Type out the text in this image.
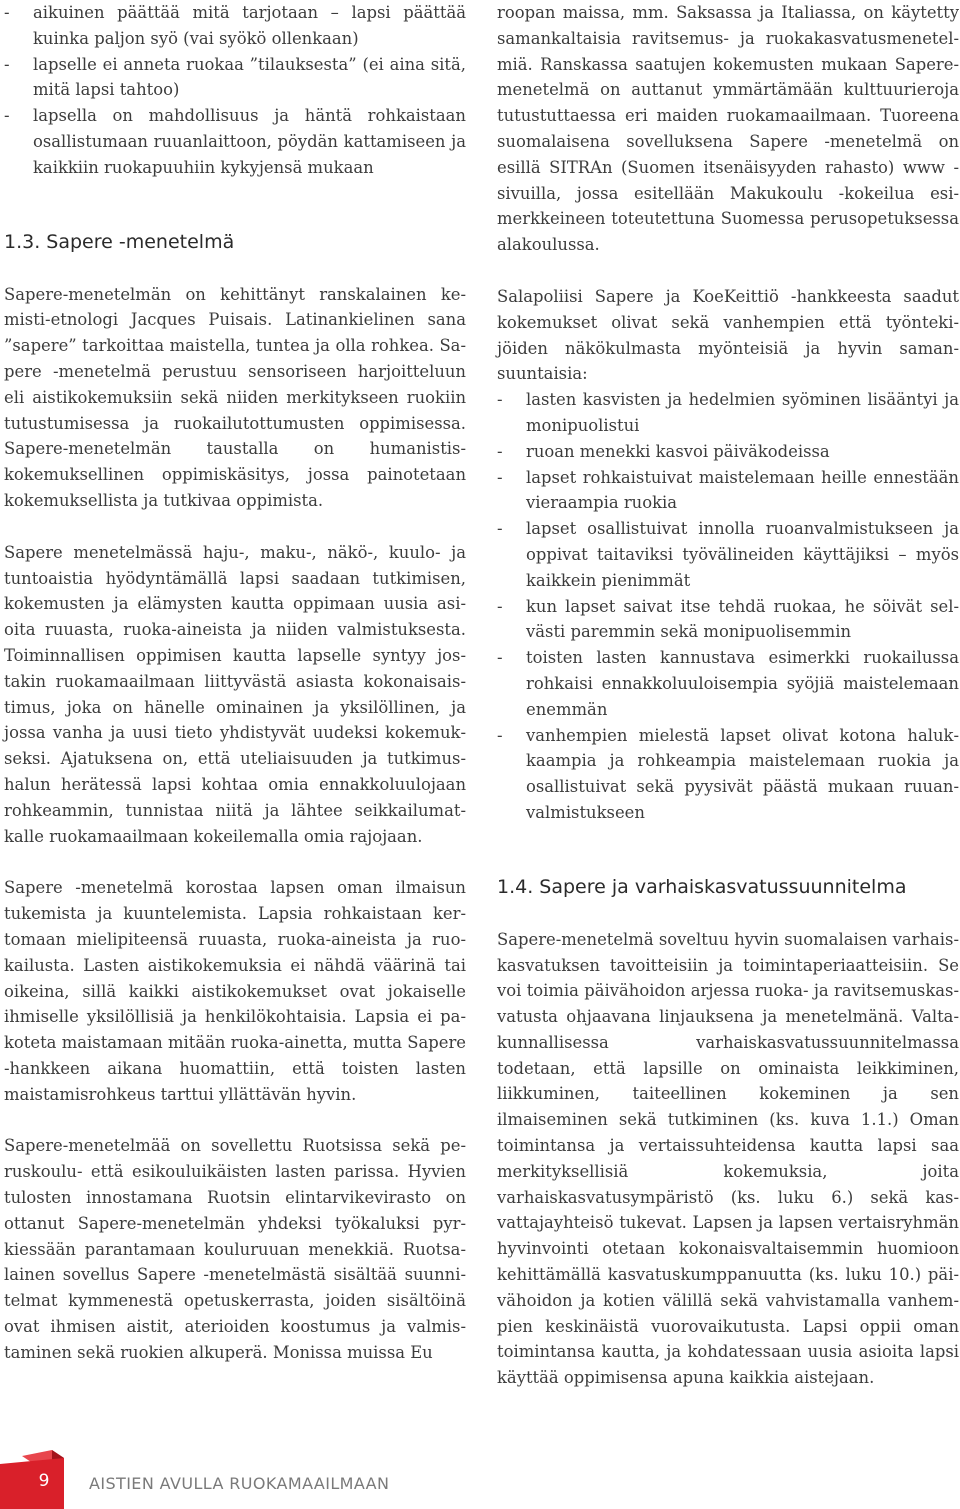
- aikuinen päättää mitä tarjotaan – lapsi päättää kuinka paljon syö (vai syökö ollenkaan)
- lapselle ei anneta ruokaa ”tilauksesta” (ei aina sitä, mitä lapsi tahtoo)
- lapsella on mahdollisuus ja häntä rohkaistaan osallistumaan ruuanlaittoon, pöydän kattamiseen ja kaikkiin ruokapuuhiin kykyjensä mukaan
1.3. Sapere -menetelmä

Sapere-menetelmän on kehittänyt ranskalainen kemisti-etnologi Jacques Puisais. Latinankielinen sana ”sapere” tarkoittaa maistella, tuntea ja olla rohkea. Sapere -menetelmä perustuu sensoriseen harjoitteluun eli aistikokemuksiin sekä niiden merkitykseen ruokiin tutustumisessa ja ruokailutottumusten oppimisessa. Sapere-menetelmän taustalla on humanistiskokemuksellinen oppimiskäsitys, jossa painotetaan kokemuksellista ja tutkivaa oppimista.

Sapere menetelmässä haju-, maku-, näkö-, kuulo- ja tuntoaistia hyödyntämällä lapsi saadaan tutkimisen, kokemusten ja elämysten kautta oppimaan uusia asioita ruuasta, ruoka-aineista ja niiden valmistuksesta. Toiminnallisen oppimisen kautta lapselle syntyy jostakin ruokamaailmaan liittyvästä asiasta kokonaisaistimus, joka on hänelle ominainen ja yksilöllinen, ja jossa vanha ja uusi tieto yhdistyvät uudeksi kokemukseksi. Ajatuksena on, että uteliaisuuden ja tutkimushalun herätessä lapsi kohtaa omia ennakkoluulojaan rohkeammin, tunnistaa niitä ja lähtee seikkailumatkalle ruokamaailmaan kokeilemalla omia rajojaan.

Sapere -menetelmä korostaa lapsen oman ilmaisun tukemista ja kuuntelemista. Lapsia rohkaistaan kertomaan mielipiteensä ruuasta, ruoka-aineista ja ruokailusta. Lasten aistikokemuksia ei nähdä väärinä tai oikeina, sillä kaikki aistikokemukset ovat jokaiselle ihmiselle yksilöllisiä ja henkilökohtaisia. Lapsia ei pakoteta maistamaan mitään ruoka-ainetta, mutta Sapere -hankkeen aikana huomattiin, että toisten lasten maistamisrohkeus tarttui yllättävän hyvin.

Sapere-menetelmää on sovellettu Ruotsissa sekä peruskoulu- että esikouluikäisten lasten parissa. Hyvien tulosten innostamana Ruotsin elintarvikevirasto on ottanut Sapere-menetelmän yhdeksi työkaluksi pyrkiessään parantamaan kouluruuan menekkiä. Ruotsalainen sovellus Sapere -menetelmästä sisältää suunnitelmat kymmenestä opetuskerrasta, joiden sisältöinä ovat ihmisen aistit, aterioiden koostumus ja valmistaminen sekä ruokien alkuperä. Monissa muissa Eu

roopan maissa, mm. Saksassa ja Italiassa, on käytetty samankaltaisia ravitsemus- ja ruokakasvatusmenetelmiä. Ranskassa saatujen kokemusten mukaan Sapere-menetelmä on auttanut ymmärtämään kulttuurieroja tutustuttaessa eri maiden ruokamaailmaan. Tuoreena suomalaisena sovelluksena Sapere -menetelmä on esillä SITRAn (Suomen itsenäisyyden rahasto) www -sivuilla, jossa esitellään Makukoulu -kokeilua esimerkkeineen toteutettuna Suomessa perusopetuksessa alakoulussa.

Salapoliisi Sapere ja KoeKeittiö -hankkeesta saadut kokemukset olivat sekä vanhempien että työntekijöiden näkökulmasta myönteisiä ja hyvin samansuuntaisia:

- lasten kasvisten ja hedelmien syöminen lisääntyi ja monipuolistui
- ruoan menekki kasvoi päiväkodeissa
- lapset rohkaistuivat maistelemaan heille ennestään vieraampia ruokia
- lapset osallistuivat innolla ruoanvalmistukseen ja oppivat taitaviksi työvälineiden käyttäjiksi – myös kaikkein pienimmät
- kun lapset saivat itse tehdä ruokaa, he söivät selvästi paremmin sekä monipuolisemmin
- toisten lasten kannustava esimerkki ruokailussa rohkaisi ennakkoluuloisempia syöjiä maistelemaan enemmän
- vanhempien mielestä lapset olivat kotona halukkaampia ja rohkeampia maistelemaan ruokia ja osallistuivat sekä pyysivät päästä mukaan ruuanvalmistukseen
1.4. Sapere ja varhaiskasvatussuunnitelma

Sapere-menetelmä soveltuu hyvin suomalaisen varhaiskasvatuksen tavoitteisiin ja toimintaperiaatteisiin. Se voi toimia päivähoidon arjessa ruoka- ja ravitsemuskasvatusta ohjaavana linjauksena ja menetelmänä. Valtakunnallisessa varhaiskasvatussuunnitelmassa todetaan, että lapsille on ominaista leikkiminen, liikkuminen, taiteellinen kokeminen ja sen ilmaiseminen sekä tutkiminen (ks. kuva 1.1.) Oman toimintansa ja vertaissuhteidensa kautta lapsi saa merkityksellisiä kokemuksia, joita varhaiskasvatusympäristö (ks. luku 6.) sekä kasvattajayhteisö tukevat. Lapsen ja lapsen vertaisryhmän hyvinvointi otetaan kokonaisvaltaisemmin huomioon kehittämällä kasvatuskumppanuutta (ks. luku 10.) päivähoidon ja kotien välillä sekä vahvistamalla vanhempien keskinäistä vuorovaikutusta. Lapsi oppii oman toimintansa kautta, ja kohdatessaan uusia asioita lapsi käyttää oppimisensa apuna kaikkia aistejaan.

9	AISTIEN AVULLA RUOKAMAAILMAAN
